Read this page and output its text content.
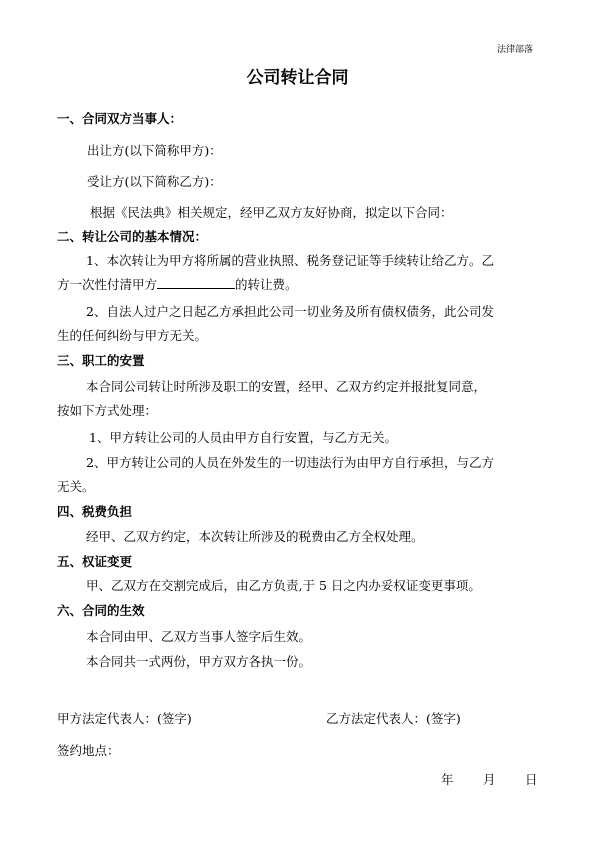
法律部落
公司转让合同
一、合同双方当事人：
出让方(以下简称甲方)：
受让方(以下简称乙方)：
根据《民法典》相关规定，经甲乙双方友好协商，拟定以下合同：
二、转让公司的基本情况：
1、本次转让为甲方将所属的营业执照、税务登记证等手续转让给乙方。乙
方一次性付清甲方	的转让费。
2、自法人过户之日起乙方承担此公司一切业务及所有债权债务，此公司发
生的任何纠纷与甲方无关。
三、职工的安置
本合同公司转让时所涉及职工的安置，经甲、乙双方约定并报批复同意，
按如下方式处理：
1、甲方转让公司的人员由甲方自行安置，与乙方无关。
2、甲方转让公司的人员在外发生的一切违法行为由甲方自行承担，与乙方
无关。
四、税费负担
经甲、乙双方约定，本次转让所涉及的税费由乙方全权处理。
五、权证变更
甲、乙双方在交割完成后，由乙方负责,于 5 日之内办妥权证变更事项。
六、合同的生效
本合同由甲、乙双方当事人签字后生效。
本合同共一式两份，甲方双方各执一份。
甲方法定代表人：(签字)	乙方法定代表人：(签字)
签约地点：
年 月 日
